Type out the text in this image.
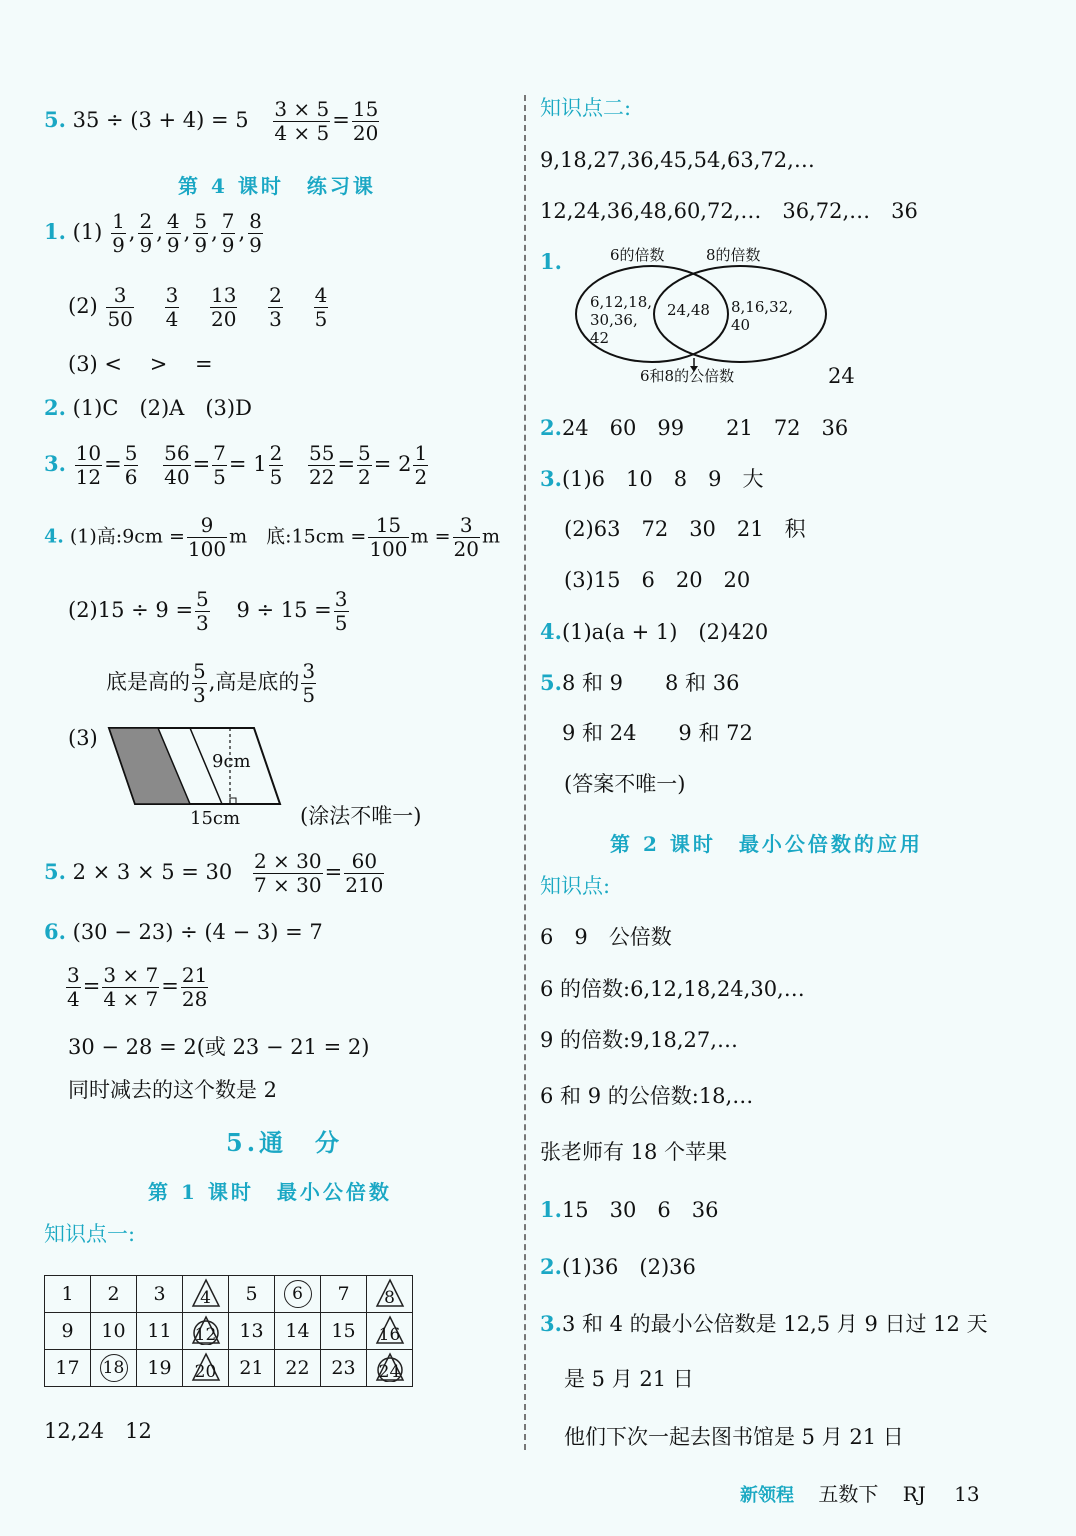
5. $35 \div (3 + 4) = 5 \frac{3 \times 5}{4 \times 5} = \frac{15}{20}$
第 4 课时　练习课
1. $(1) \frac{1}{9}$ , $\frac{2}{9}$ , $\frac{4}{9}$ , $\frac{5}{9}$ , $\frac{7}{9}$ , $\frac{8}{9}$
$(2) \frac{3}{50}$
$\frac{3}{4}$
$\frac{13}{20}$
$\frac{2}{3}$
$\frac{4}{5}$
(3) <　 >　 =
2. (1)C　(2)A　(3)D
3. $\frac{10}{12} = \frac{5}{6}$
$\frac{56}{40} = \frac{7}{5} = 1 \frac{2}{5}$
$\frac{55}{22} = \frac{5}{2} = 2 \frac{1}{2}$
4. (1)高:9cm = $\frac{9}{100}$ m　底:15cm = $\frac{15}{100}$ $m = \frac{3}{20}$ m
$(2)15 \div 9 = \frac{5}{3} 9 \div 15 = \frac{3}{5}$
底是高的 $\frac{5}{3}$ ,高是底的 $\frac{3}{5}$
(3)
9cm
15cm	(涂法不唯一)
5. $2 \times 3 \times 5 = 30 \frac{2 \times 30}{7 \times 30} = \frac{60}{210}$
6. (30 − 23) ÷ (4 − 3) = 7
$\frac{3}{4} = \frac{3 \times 7}{4 \times 7} = \frac{21}{28}$
30 − 28 = 2(或 23 − 21 = 2)
同时减去的这个数是 2
5.通　分
第 1 课时　最小公倍数
知识点一:
1	2	3	4	5	6	7	8
9	10	11	12	13	14	15	16
17	18	19	20	21	22	23	24
12,24　12
知识点二:
9,18,27,36,45,54,63,72,…
12,24,36,48,60,72,…　36,72,…　36
1.	6的倍数	8的倍数
6,12,18,
30,36,
42
24,48 8,16,32,
40
6和8的公倍数	24
2.24　60　99　　21　72　36
3.(1)6　10　8　9　大
(2)63　72　30　21　积
(3)15　6　20　20
4.(1)a(a + 1)　(2)420
5.8 和 9　　8 和 36
9 和 24　　9 和 72
(答案不唯一)
第 2 课时　最小公倍数的应用
知识点:
6　9　公倍数
6 的倍数:6,12,18,24,30,…
9 的倍数:9,18,27,…
6 和 9 的公倍数:18,…
张老师有 18 个苹果
1.15　30　6　36
2.(1)36　(2)36
3.3 和 4 的最小公倍数是 12,5 月 9 日过 12 天
是 5 月 21 日
他们下次一起去图书馆是 5 月 21 日
新领程 五数下 RJ 13
